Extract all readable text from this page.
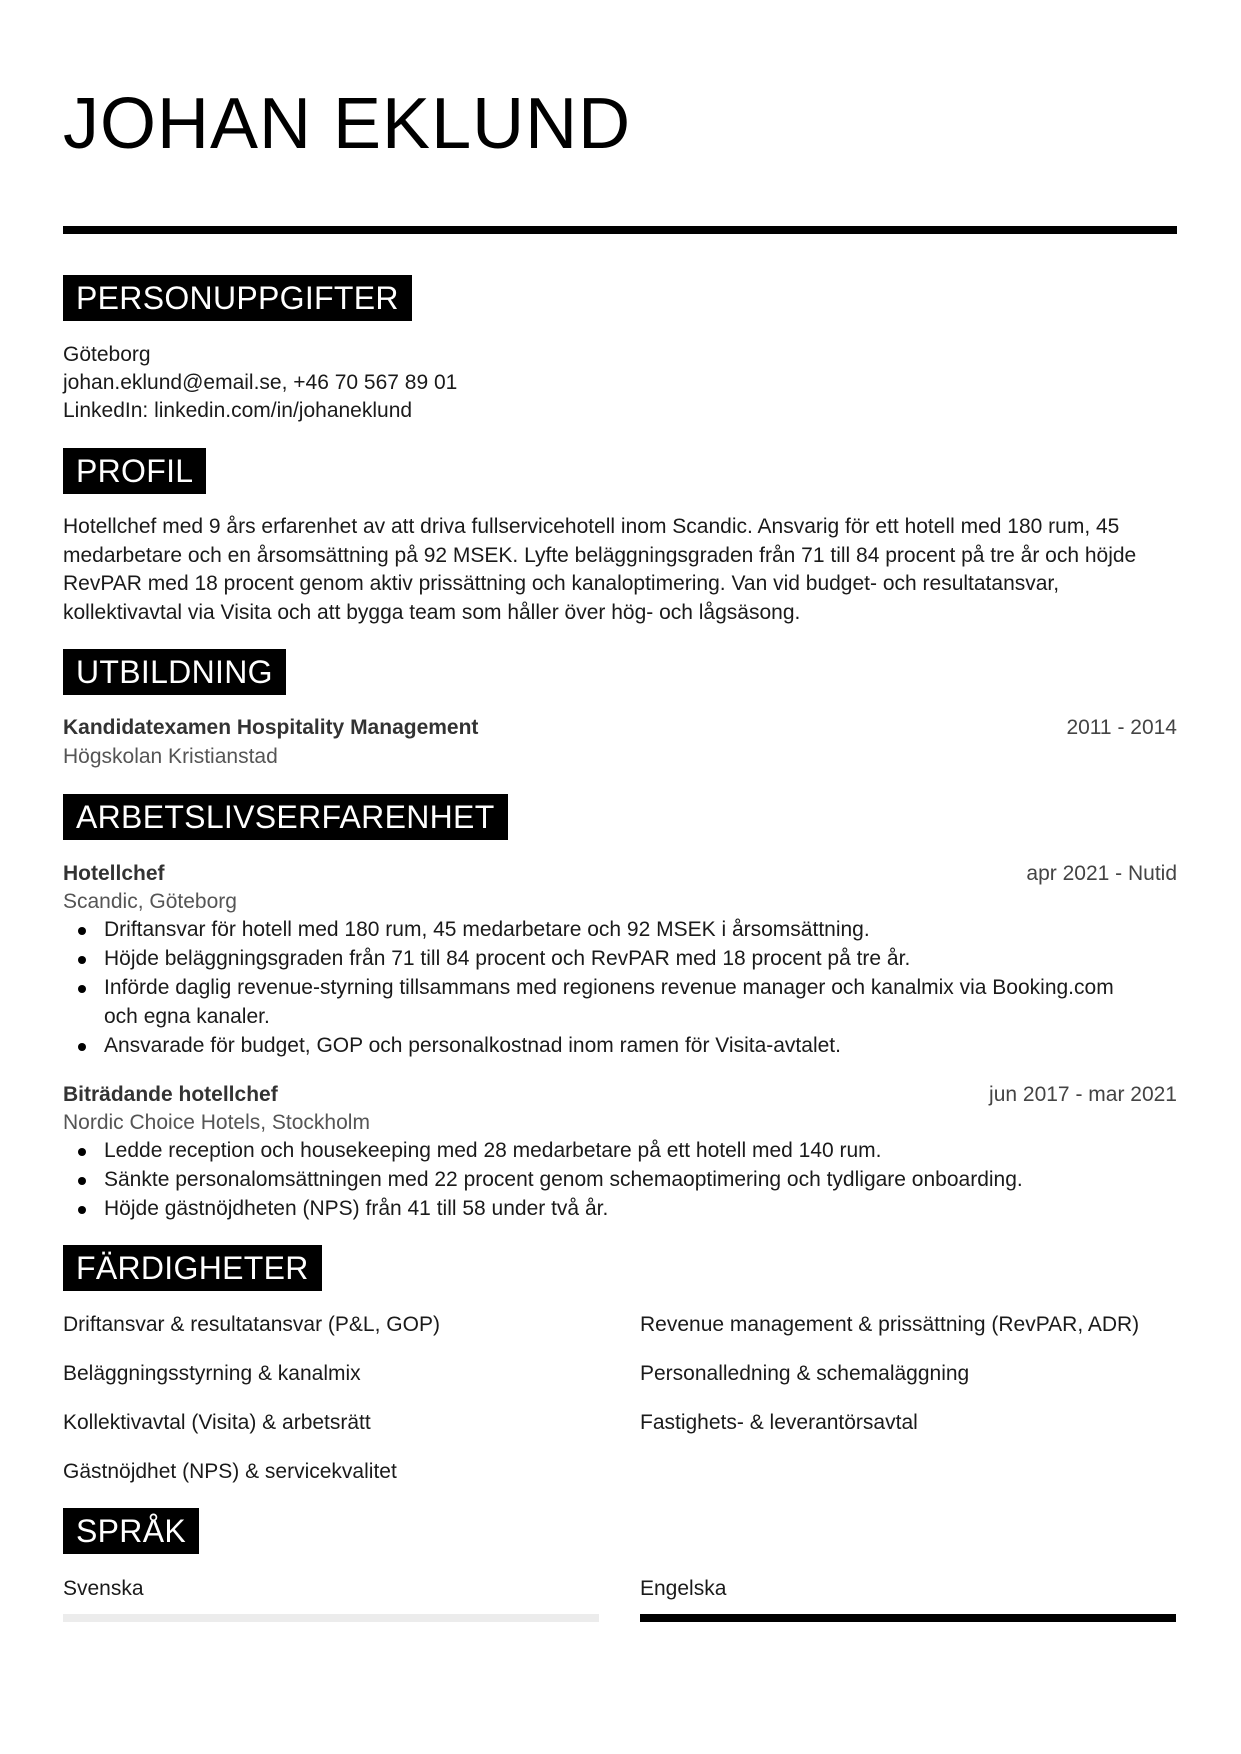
JOHAN EKLUND
PERSONUPPGIFTER
Göteborg
johan.eklund@email.se, +46 70 567 89 01
LinkedIn: linkedin.com/in/johaneklund
PROFIL
Hotellchef med 9 års erfarenhet av att driva fullservicehotell inom Scandic. Ansvarig för ett hotell med 180 rum, 45 medarbetare och en årsomsättning på 92 MSEK. Lyfte beläggningsgraden från 71 till 84 procent på tre år och höjde RevPAR med 18 procent genom aktiv prissättning och kanaloptimering. Van vid budget- och resultatansvar, kollektivavtal via Visita och att bygga team som håller över hög- och lågsäsong.
UTBILDNING
Kandidatexamen Hospitality Management	2011 - 2014
Högskolan Kristianstad
ARBETSLIVSERFARENHET
Hotellchef	apr 2021 - Nutid
Scandic, Göteborg
Driftansvar för hotell med 180 rum, 45 medarbetare och 92 MSEK i årsomsättning.
Höjde beläggningsgraden från 71 till 84 procent och RevPAR med 18 procent på tre år.
Införde daglig revenue-styrning tillsammans med regionens revenue manager och kanalmix via Booking.com och egna kanaler.
Ansvarade för budget, GOP och personalkostnad inom ramen för Visita-avtalet.
Biträdande hotellchef	jun 2017 - mar 2021
Nordic Choice Hotels, Stockholm
Ledde reception och housekeeping med 28 medarbetare på ett hotell med 140 rum.
Sänkte personalomsättningen med 22 procent genom schemaoptimering och tydligare onboarding.
Höjde gästnöjdheten (NPS) från 41 till 58 under två år.
FÄRDIGHETER
Driftansvar & resultatansvar (P&L, GOP)	Revenue management & prissättning (RevPAR, ADR)
Beläggningsstyrning & kanalmix	Personalledning & schemaläggning
Kollektivavtal (Visita) & arbetsrätt	Fastighets- & leverantörsavtal
Gästnöjdhet (NPS) & servicekvalitet
SPRÅK
Svenska	Engelska
